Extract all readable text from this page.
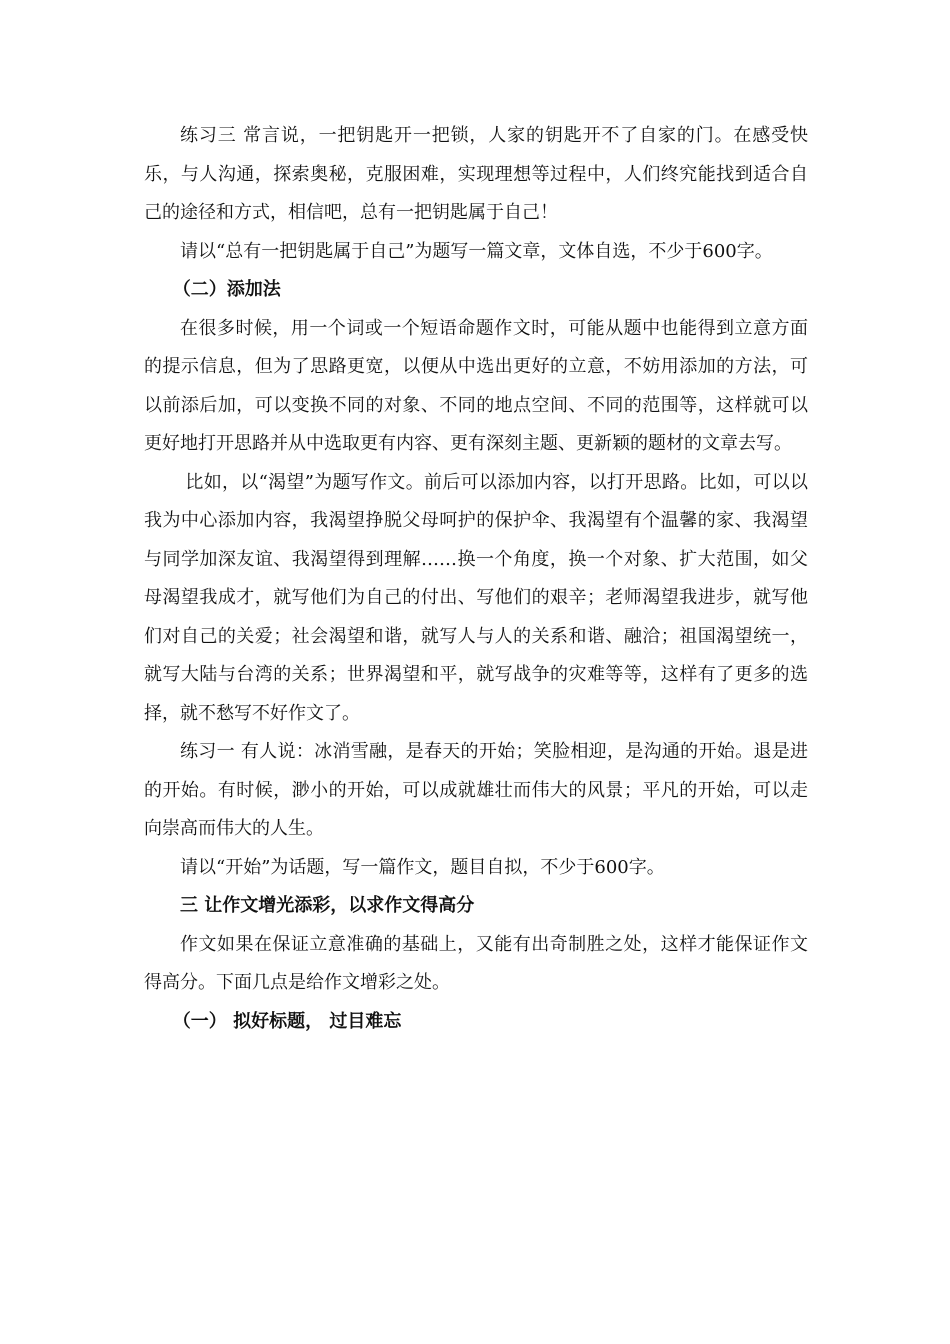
练习三 常言说，一把钥匙开一把锁，人家的钥匙开不了自家的门。在感受快乐，与人沟通，探索奥秘，克服困难，实现理想等过程中，人们终究能找到适合自己的途径和方式，相信吧，总有一把钥匙属于自己！

请以“总有一把钥匙属于自己”为题写一篇文章，文体自选，不少于600字。

（二）添加法

在很多时候，用一个词或一个短语命题作文时，可能从题中也能得到立意方面的提示信息，但为了思路更宽，以便从中选出更好的立意，不妨用添加的方法，可以前添后加，可以变换不同的对象、不同的地点空间、不同的范围等，这样就可以更好地打开思路并从中选取更有内容、更有深刻主题、更新颖的题材的文章去写。

比如，以“渴望”为题写作文。前后可以添加内容，以打开思路。比如，可以以我为中心添加内容，我渴望挣脱父母呵护的保护伞、我渴望有个温馨的家、我渴望与同学加深友谊、我渴望得到理解……换一个角度，换一个对象、扩大范围，如父母渴望我成才，就写他们为自己的付出、写他们的艰辛；老师渴望我进步，就写他们对自己的关爱；社会渴望和谐，就写人与人的关系和谐、融洽；祖国渴望统一，就写大陆与台湾的关系；世界渴望和平，就写战争的灾难等等，这样有了更多的选择，就不愁写不好作文了。

练习一 有人说：冰消雪融，是春天的开始；笑脸相迎，是沟通的开始。退是进的开始。有时候，渺小的开始，可以成就雄壮而伟大的风景；平凡的开始，可以走向崇高而伟大的人生。

请以“开始”为话题，写一篇作文，题目自拟，不少于600字。

三 让作文增光添彩，以求作文得高分

作文如果在保证立意准确的基础上，又能有出奇制胜之处，这样才能保证作文得高分。下面几点是给作文增彩之处。

（一） 拟好标题， 过目难忘
